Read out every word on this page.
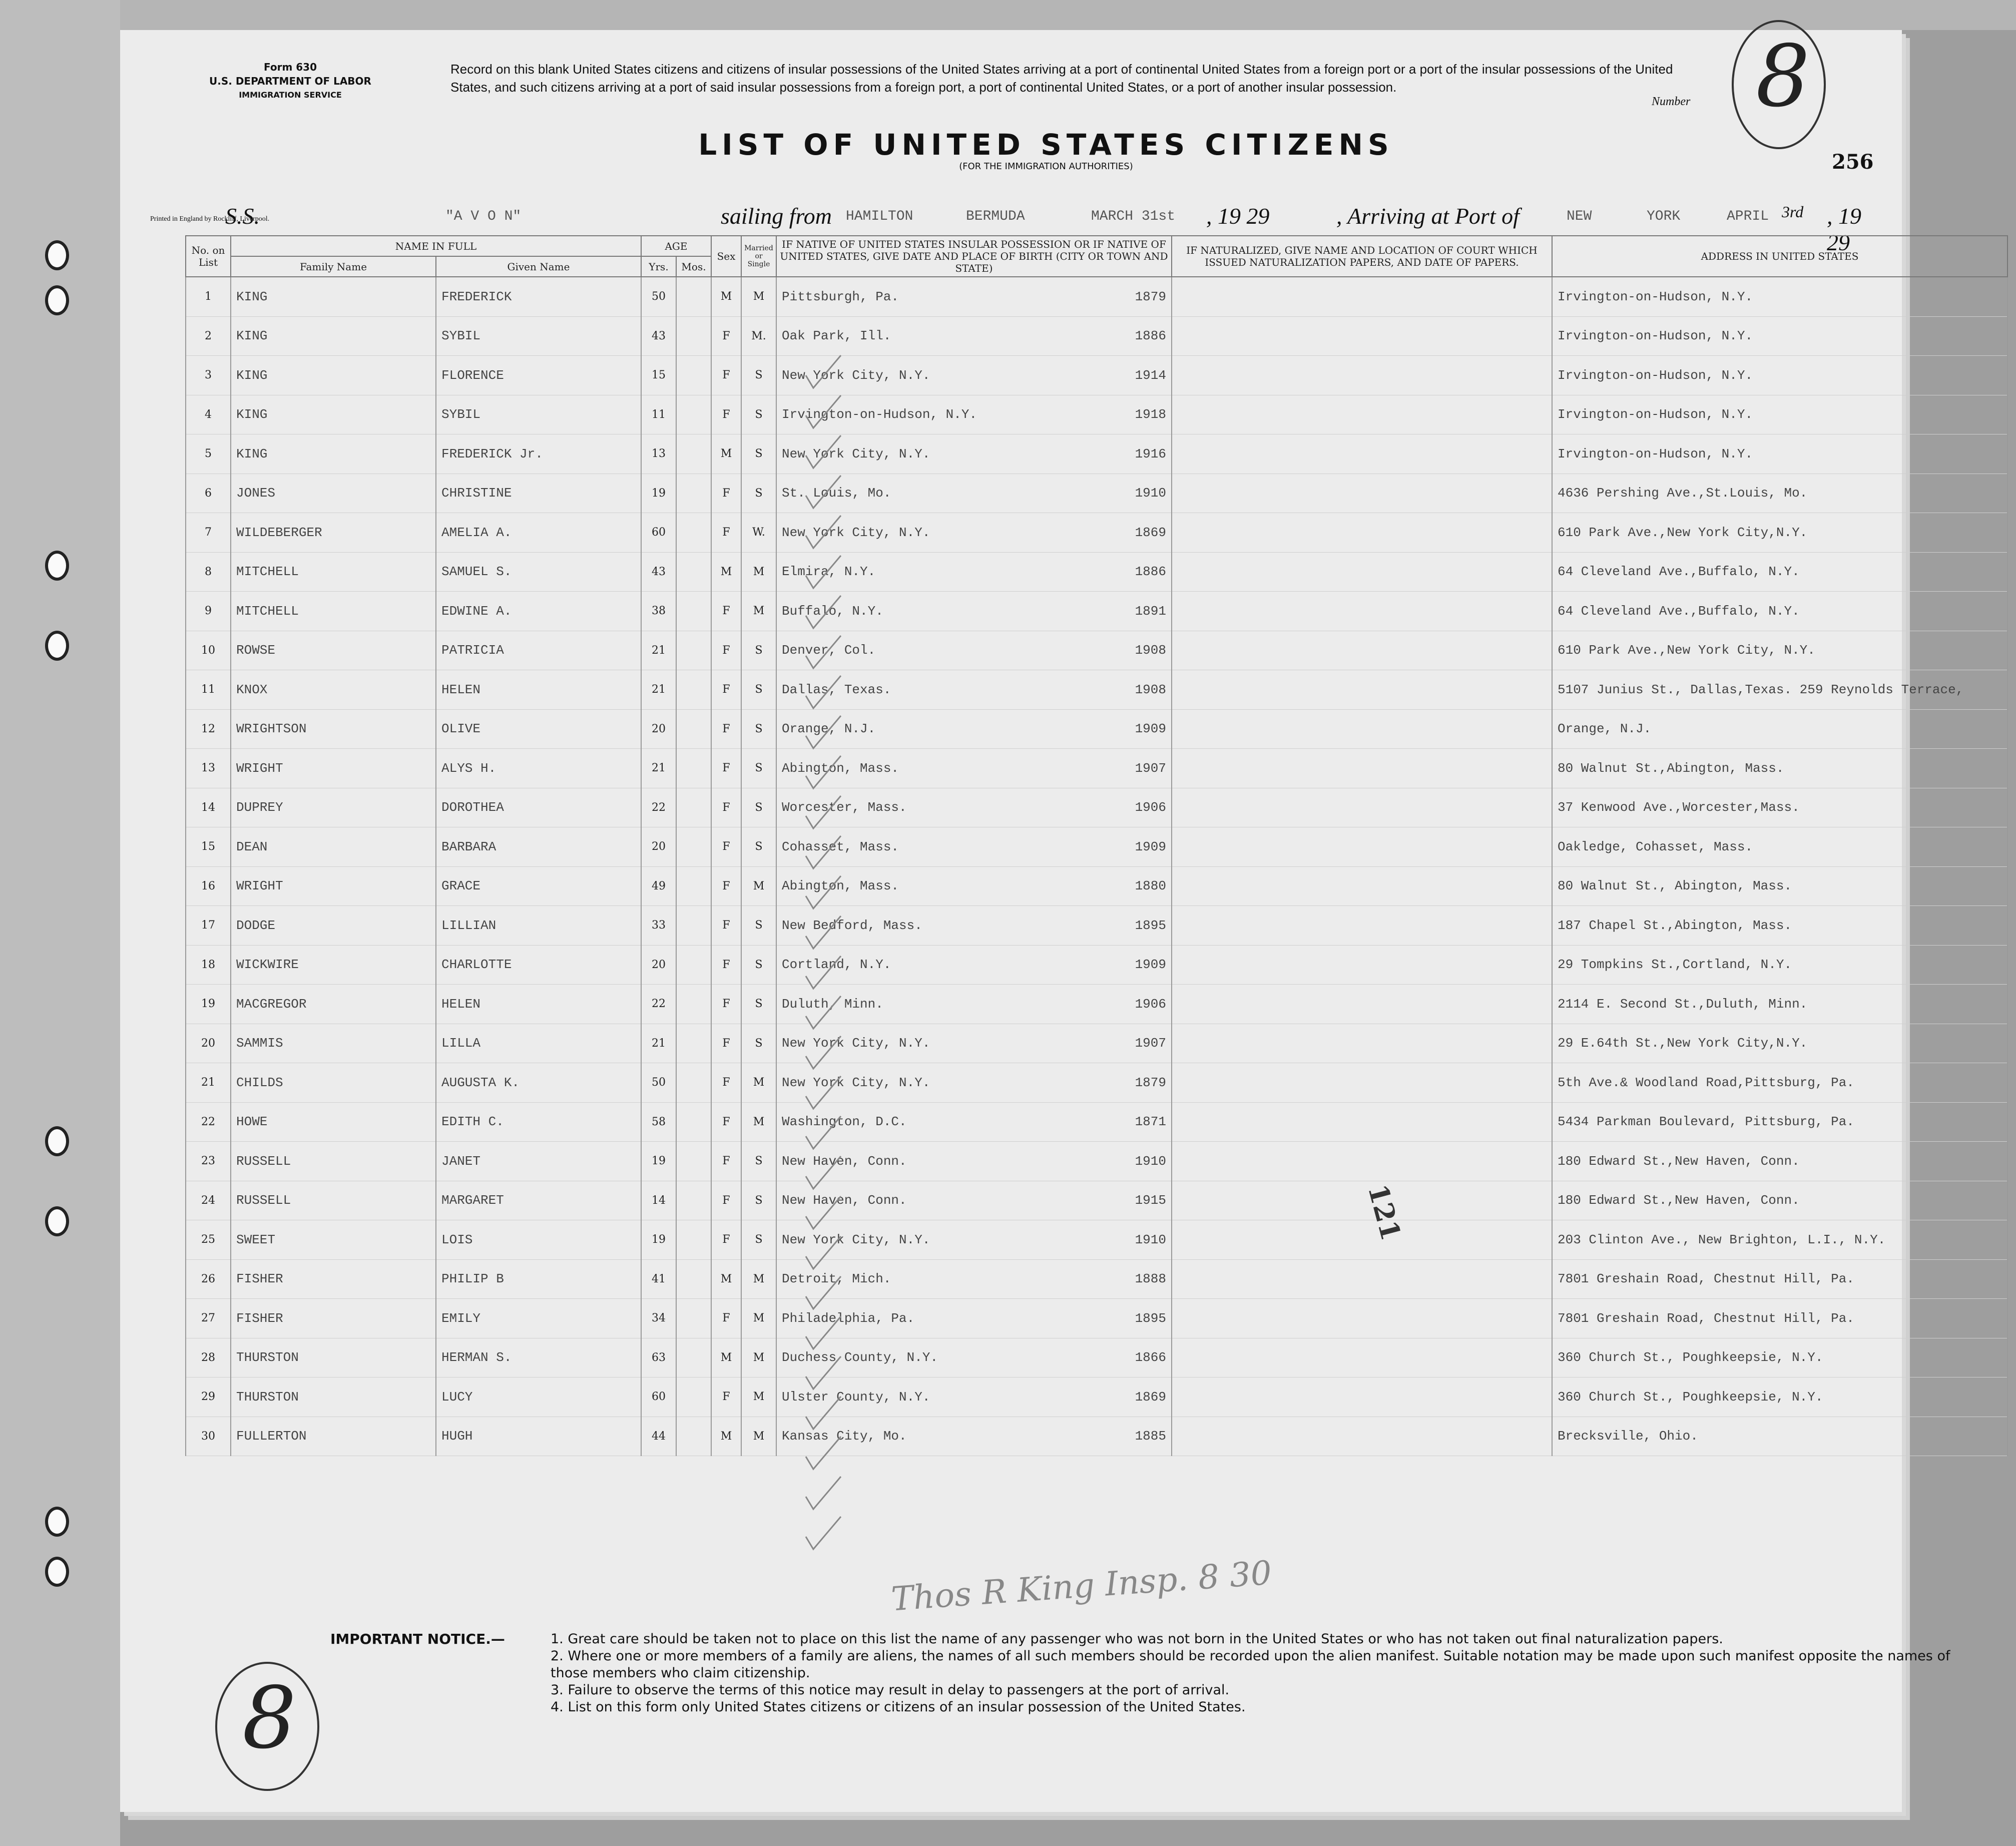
Form 630
U.S. DEPARTMENT OF LABOR
IMMIGRATION SERVICE
Record on this blank United States citizens and citizens of insular possessions of the United States arriving at a port of continental United States from a foreign port or a port of the insular possessions of the United States, and such citizens arriving at a port of said insular possessions from a foreign port, a port of continental United States, or a port of another insular possession.
Number 8
LIST OF UNITED STATES CITIZENS
(FOR THE IMMIGRATION AUTHORITIES)	256
Printed in England by Rockliff, Liverpool.
S.S.	"A V O N"	sailing from HAMILTON	BERMUDA	MARCH 31st , 19 29	, Arriving at Port of	NEW	YORK	APRIL 3rd , 19 29
No. on List	NAME IN FULL		AGE		Sex	Married or Single	IF NATIVE OF UNITED STATES INSULAR POSSESSION OR IF NATIVE OF UNITED STATES, GIVE DATE AND PLACE OF BIRTH (CITY OR TOWN AND STATE)	IF NATURALIZED, GIVE NAME AND LOCATION OF COURT WHICH ISSUED NATURALIZATION PAPERS, AND DATE OF PAPERS.	ADDRESS IN UNITED STATES
	Family Name	Given Name	Yrs.	Mos.					
1	KING	FREDERICK	50		M	M	Pittsburgh, Pa. 1879		Irvington-on-Hudson, N.Y.
2	KING	SYBIL	43		F	M.	Oak Park, Ill. 1886		Irvington-on-Hudson, N.Y.
3	KING	FLORENCE	15		F	S	New York City, N.Y. 1914		Irvington-on-Hudson, N.Y.
4	KING	SYBIL	11		F	S	Irvington-on-Hudson, N.Y. 1918		Irvington-on-Hudson, N.Y.
5	KING	FREDERICK Jr.	13		M	S	New York City, N.Y. 1916		Irvington-on-Hudson, N.Y.
6	JONES	CHRISTINE	19		F	S	St. Louis, Mo. 1910		4636 Pershing Ave.,St.Louis, Mo.
7	WILDEBERGER	AMELIA A.	60		F	W.	New York City, N.Y. 1869		610 Park Ave.,New York City,N.Y.
8	MITCHELL	SAMUEL S.	43		M	M	Elmira, N.Y. 1886		64 Cleveland Ave.,Buffalo, N.Y.
9	MITCHELL	EDWINE A.	38		F	M	Buffalo, N.Y. 1891		64 Cleveland Ave.,Buffalo, N.Y.
10	ROWSE	PATRICIA	21		F	S	Denver, Col. 1908		610 Park Ave.,New York City, N.Y.
11	KNOX	HELEN	21		F	S	Dallas, Texas. 1908		5107 Junius St., Dallas,Texas. 259 Reynolds Terrace,
12	WRIGHTSON	OLIVE	20		F	S	Orange, N.J. 1909		Orange, N.J.
13	WRIGHT	ALYS H.	21		F	S	Abington, Mass. 1907		80 Walnut St.,Abington, Mass.
14	DUPREY	DOROTHEA	22		F	S	Worcester, Mass. 1906		37 Kenwood Ave.,Worcester,Mass.
15	DEAN	BARBARA	20		F	S	Cohasset, Mass. 1909		Oakledge, Cohasset, Mass.
16	WRIGHT	GRACE	49		F	M	Abington, Mass. 1880		80 Walnut St., Abington, Mass.
17	DODGE	LILLIAN	33		F	S	New Bedford, Mass. 1895		187 Chapel St.,Abington, Mass.
18	WICKWIRE	CHARLOTTE	20		F	S	Cortland, N.Y. 1909		29 Tompkins St.,Cortland, N.Y.
19	MACGREGOR	HELEN	22		F	S	Duluth, Minn. 1906		2114 E. Second St.,Duluth, Minn.
20	SAMMIS	LILLA	21		F	S	New York City, N.Y. 1907		29 E.64th St.,New York City,N.Y.
21	CHILDS	AUGUSTA K.	50		F	M	New York City, N.Y. 1879		5th Ave.& Woodland Road,Pittsburg, Pa.
22	HOWE	EDITH C.	58		F	M	Washington, D.C. 1871		5434 Parkman Boulevard, Pittsburg, Pa.
23	RUSSELL	JANET	19		F	S	New Haven, Conn. 1910		180 Edward St.,New Haven, Conn.
24	RUSSELL	MARGARET	14		F	S	New Haven, Conn. 1915		180 Edward St.,New Haven, Conn.
25	SWEET	LOIS	19		F	S	New York City, N.Y. 1910		203 Clinton Ave., New Brighton, L.I., N.Y.
26	FISHER	PHILIP B	41		M	M	Detroit, Mich. 1888		7801 Greshain Road, Chestnut Hill, Pa.
27	FISHER	EMILY	34		F	M	Philadelphia, Pa. 1895		7801 Greshain Road, Chestnut Hill, Pa.
28	THURSTON	HERMAN S.	63		M	M	Duchess County, N.Y. 1866		360 Church St., Poughkeepsie, N.Y.
29	THURSTON	LUCY	60		F	M	Ulster County, N.Y. 1869		360 Church St., Poughkeepsie, N.Y.
30	FULLERTON	HUGH	44		M	M	Kansas City, Mo. 1885		Brecksville, Ohio.
121
Thos R King Insp. 8 30
8
IMPORTANT NOTICE.—	1. Great care should be taken not to place on this list the name of any passenger who was not born in the United States or who has not taken out final naturalization papers.
2. Where one or more members of a family are aliens, the names of all such members should be recorded upon the alien manifest. Suitable notation may be made upon such manifest opposite the names of those members who claim citizenship.
3. Failure to observe the terms of this notice may result in delay to passengers at the port of arrival.
4. List on this form only United States citizens or citizens of an insular possession of the United States.
